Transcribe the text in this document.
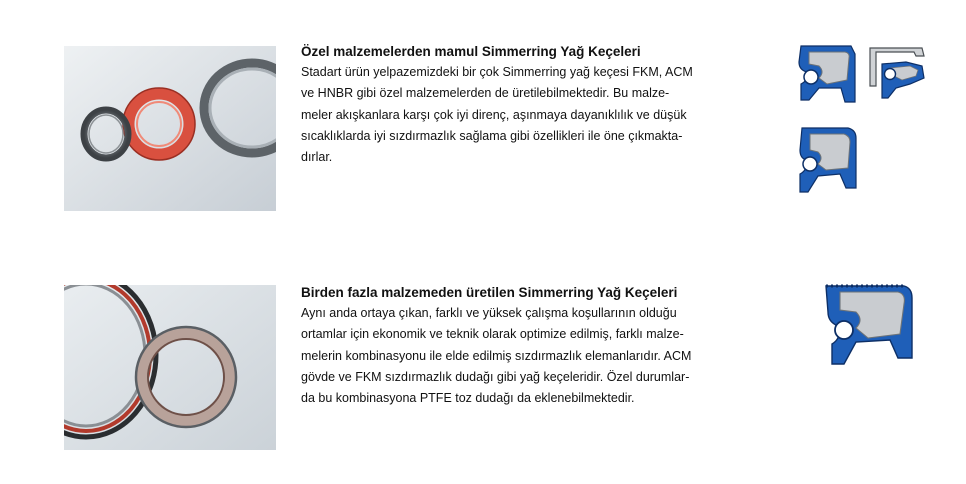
Özel malzemelerden mamul Simmerring Yağ Keçeleri

Stadart ürün yelpazemizdeki bir çok Simmerring yağ keçesi FKM, ACM

ve HNBR gibi özel malzemelerden de üretilebilmektedir. Bu malze-

meler akışkanlara karşı çok iyi direnç, aşınmaya dayanıklılık ve düşük

sıcaklıklarda iyi sızdırmazlık sağlama gibi özellikleri ile öne çıkmakta-

dırlar.

Birden fazla malzemeden üretilen Simmerring Yağ Keçeleri

Aynı anda ortaya çıkan, farklı ve yüksek çalışma koşullarının olduğu

ortamlar için ekonomik ve teknik olarak optimize edilmiş, farklı malze-

melerin kombinasyonu ile elde edilmiş sızdırmazlık elemanlarıdır. ACM

gövde ve FKM sızdırmazlık dudağı gibi yağ keçeleridir. Özel durumlar-

da bu kombinasyona PTFE toz dudağı da eklenebilmektedir.
